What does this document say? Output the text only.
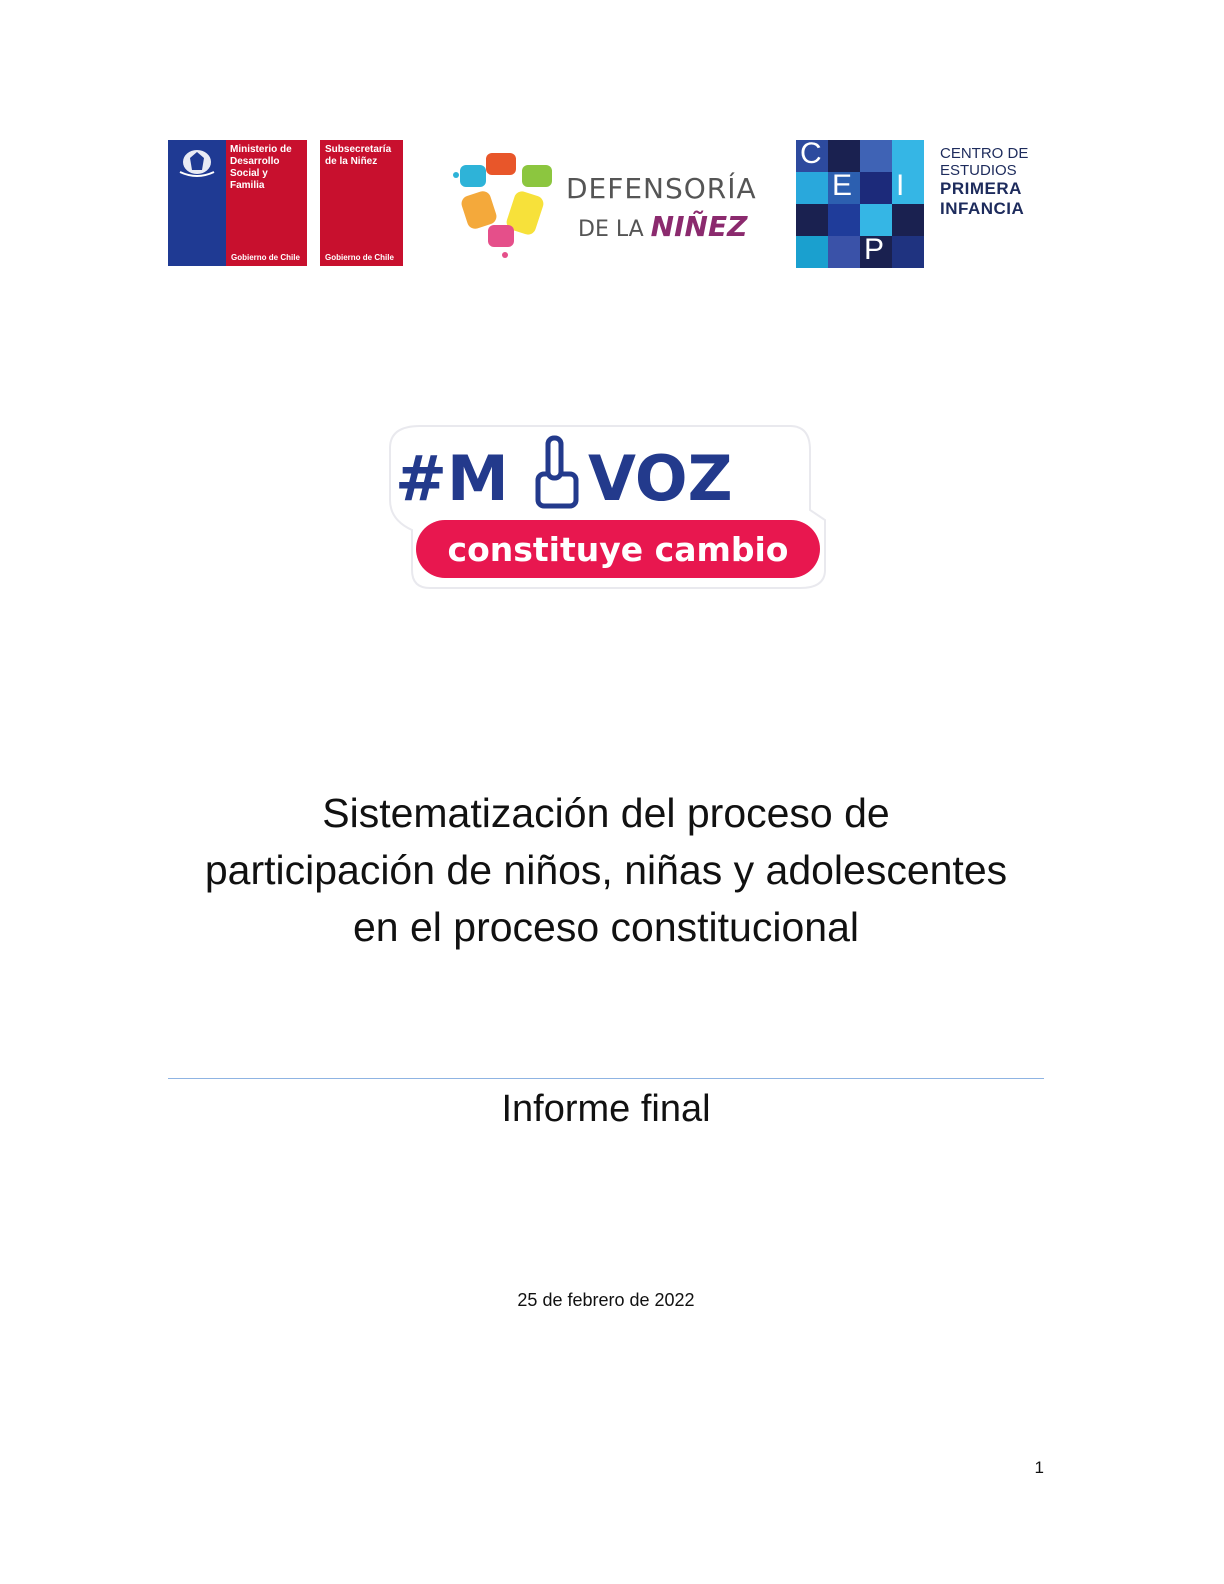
Ministerio de Desarrollo Social y Familia
Gobierno de Chile
Subsecretaría de la Niñez
Gobierno de Chile
DEFENSORÍA
DE LA NIÑEZ
C
E I
P
CENTRO DE
ESTUDIOS
PRIMERA
INFANCIA
#M VOZ
constituye cambio
Sistematización del proceso de
participación de niños, niñas y adolescentes
en el proceso constitucional
Informe final
25 de febrero de 2022
1
